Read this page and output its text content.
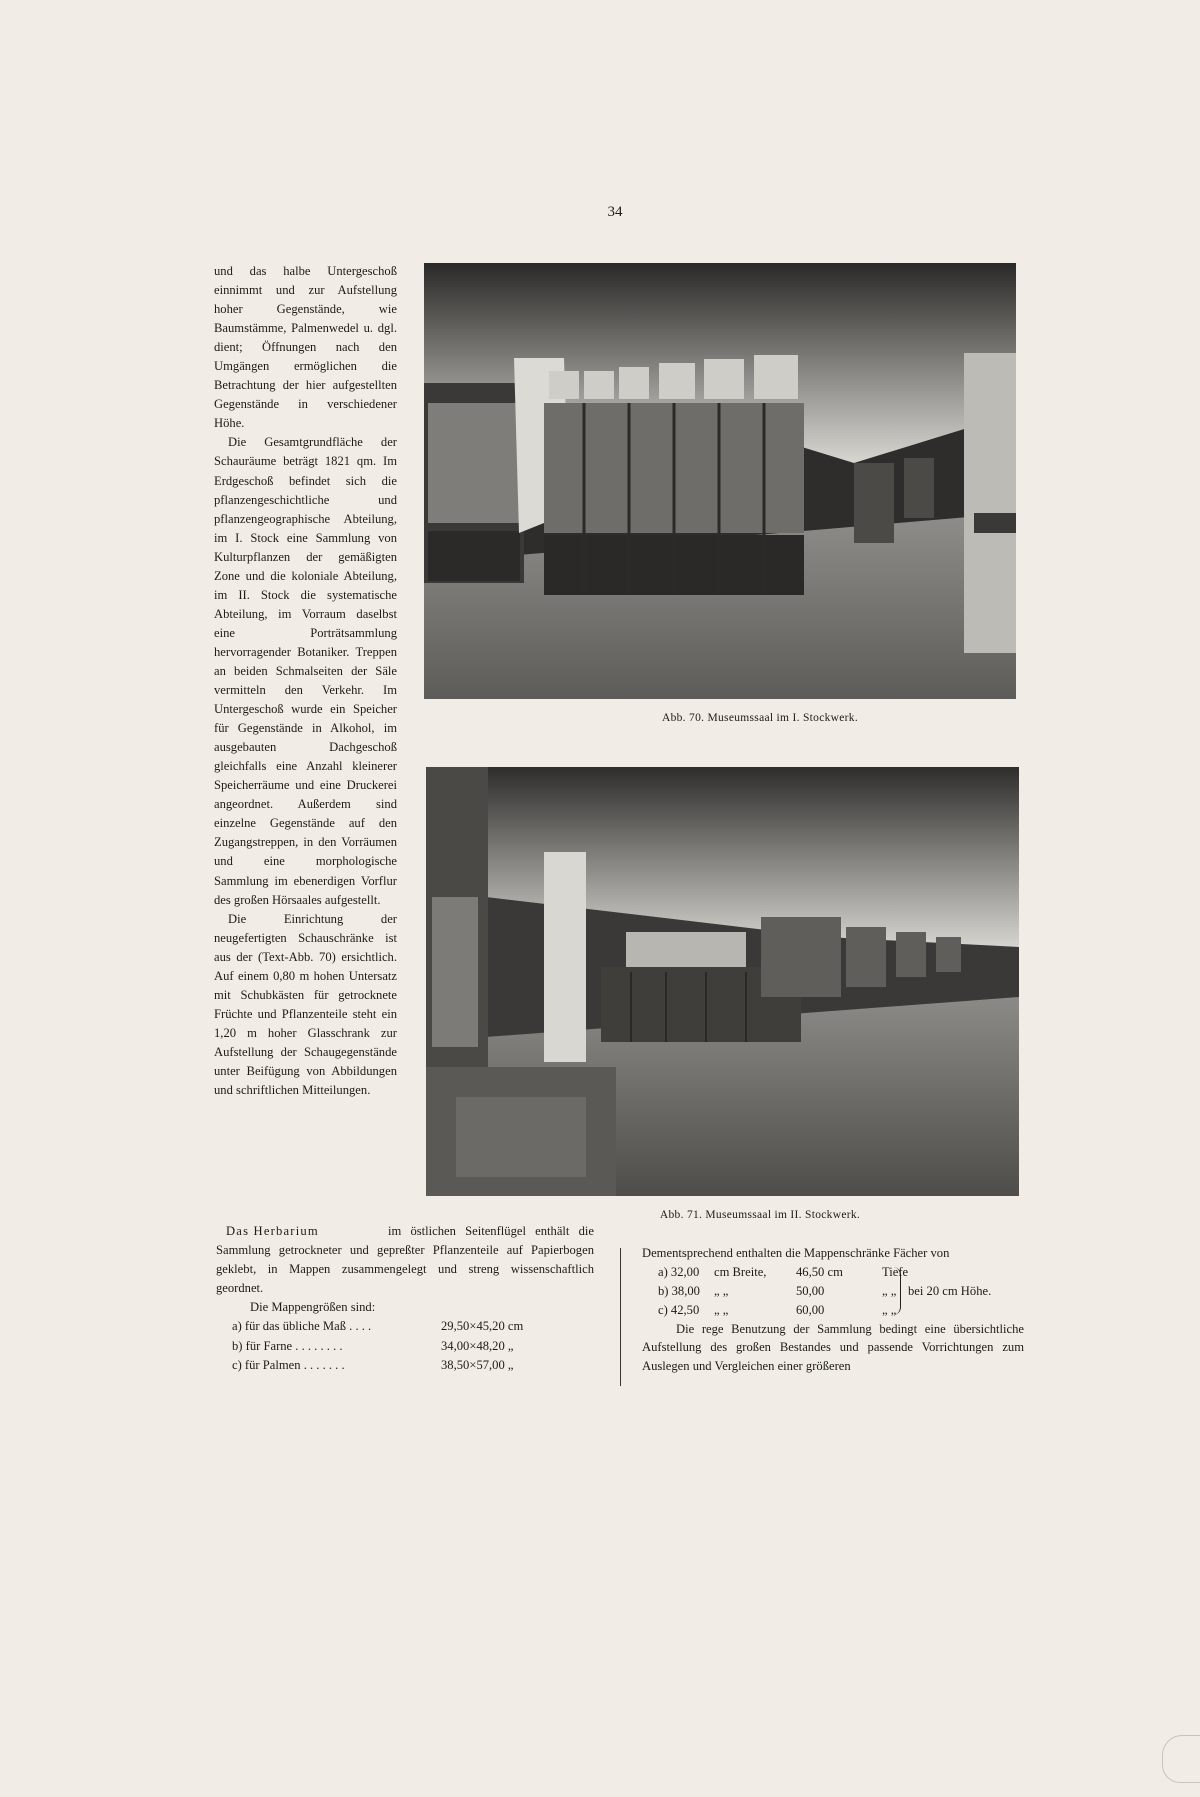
34

und das halbe Untergeschoß einnimmt und zur Aufstellung hoher Gegenstände, wie Baumstämme, Palmenwedel u. dgl. dient; Öffnungen nach den Umgängen ermöglichen die Betrachtung der hier aufgestellten Gegenstände in verschiedener Höhe.

Die Gesamtgrundfläche der Schauräume beträgt 1821 qm. Im Erdgeschoß befindet sich die pflanzengeschichtliche und pflanzengeographische Abteilung, im I. Stock eine Sammlung von Kulturpflanzen der gemäßigten Zone und die koloniale Abteilung, im II. Stock die systematische Abteilung, im Vorraum daselbst eine Porträtsammlung hervorragender Botaniker. Treppen an beiden Schmalseiten der Säle vermitteln den Verkehr. Im Untergeschoß wurde ein Speicher für Gegenstände in Alkohol, im ausgebauten Dachgeschoß gleichfalls eine Anzahl kleinerer Speicherräume und eine Druckerei angeordnet. Außerdem sind einzelne Gegenstände auf den Zugangstreppen, in den Vorräumen und eine morphologische Sammlung im ebenerdigen Vorflur des großen Hörsaales aufgestellt.

Die Einrichtung der neugefertigten Schauschränke ist aus der (Text-Abb. 70) ersichtlich. Auf einem 0,80 m hohen Untersatz mit Schubkästen für getrocknete Früchte und Pflanzenteile steht ein 1,20 m hoher Glasschrank zur Aufstellung der Schaugegenstände unter Beifügung von Abbildungen und schriftlichen Mitteilungen.

Abb. 70. Museumssaal im I. Stockwerk.
Abb. 71. Museumssaal im II. Stockwerk.

Das Herbarium	im östlichen Seitenflügel enthält die Sammlung getrockneter und gepreßter Pflanzenteile auf Papierbogen geklebt, in Mappen zusammengelegt und streng wissenschaftlich geordnet.

Die Mappengrößen sind:

a) für das übliche Maß . . . .	29,50×45,20 cm
b) für Farne . . . . . . . .	34,00×48,20 „
c) für Palmen . . . . . . .	38,50×57,00 „

Dementsprechend enthalten die Mappenschränke Fächer von

a) 32,00	cm Breite,	46,50 cm	Tiefe
b) 38,00	„ „	50,00	„ „
c) 42,50	„ „	60,00	„ „
bei 20 cm Höhe.

Die rege Benutzung der Sammlung bedingt eine übersichtliche Aufstellung des großen Bestandes und passende Vorrichtungen zum Auslegen und Vergleichen einer größeren
